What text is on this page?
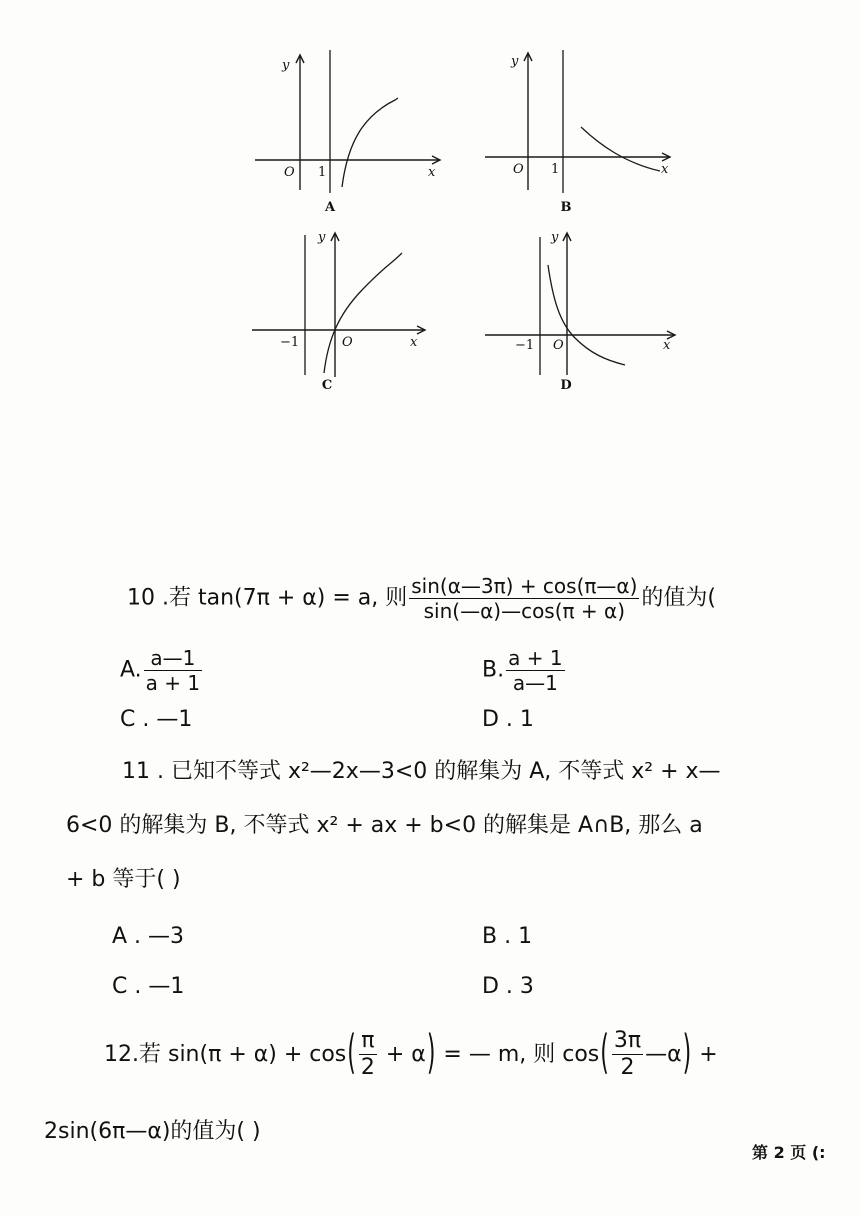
y
O 1	x
A
y
O 1	x
B
y
−1	O	x
C
y
−1 O	x
D
10 .若 tan(7π + α) = a, 则 $\frac{\sin(\alpha—3\pi) + \cos(\pi—\alpha)}{\sin(—\alpha)—\cos(\pi + \alpha)}$ 的值为(
A. $\frac{a—1}{a + 1}$	B. $\frac{a + 1}{a—1}$
C . —1	D . 1
11 . 已知不等式 x²—2x—3<0 的解集为 A, 不等式 x² + x—
6<0 的解集为 B, 不等式 x² + ax + b<0 的解集是 A∩B, 那么 a
+ b 等于( )
A . —3	B . 1
C . —1	D . 3
12.若 $\sin(\pi + \alpha) + \cos( \frac{\pi}{2} + \alpha)$ = — m, 则 $\cos( \frac{3\pi}{2}$ —α) +
2sin(6π—α)的值为( )
第 2 页 (:
